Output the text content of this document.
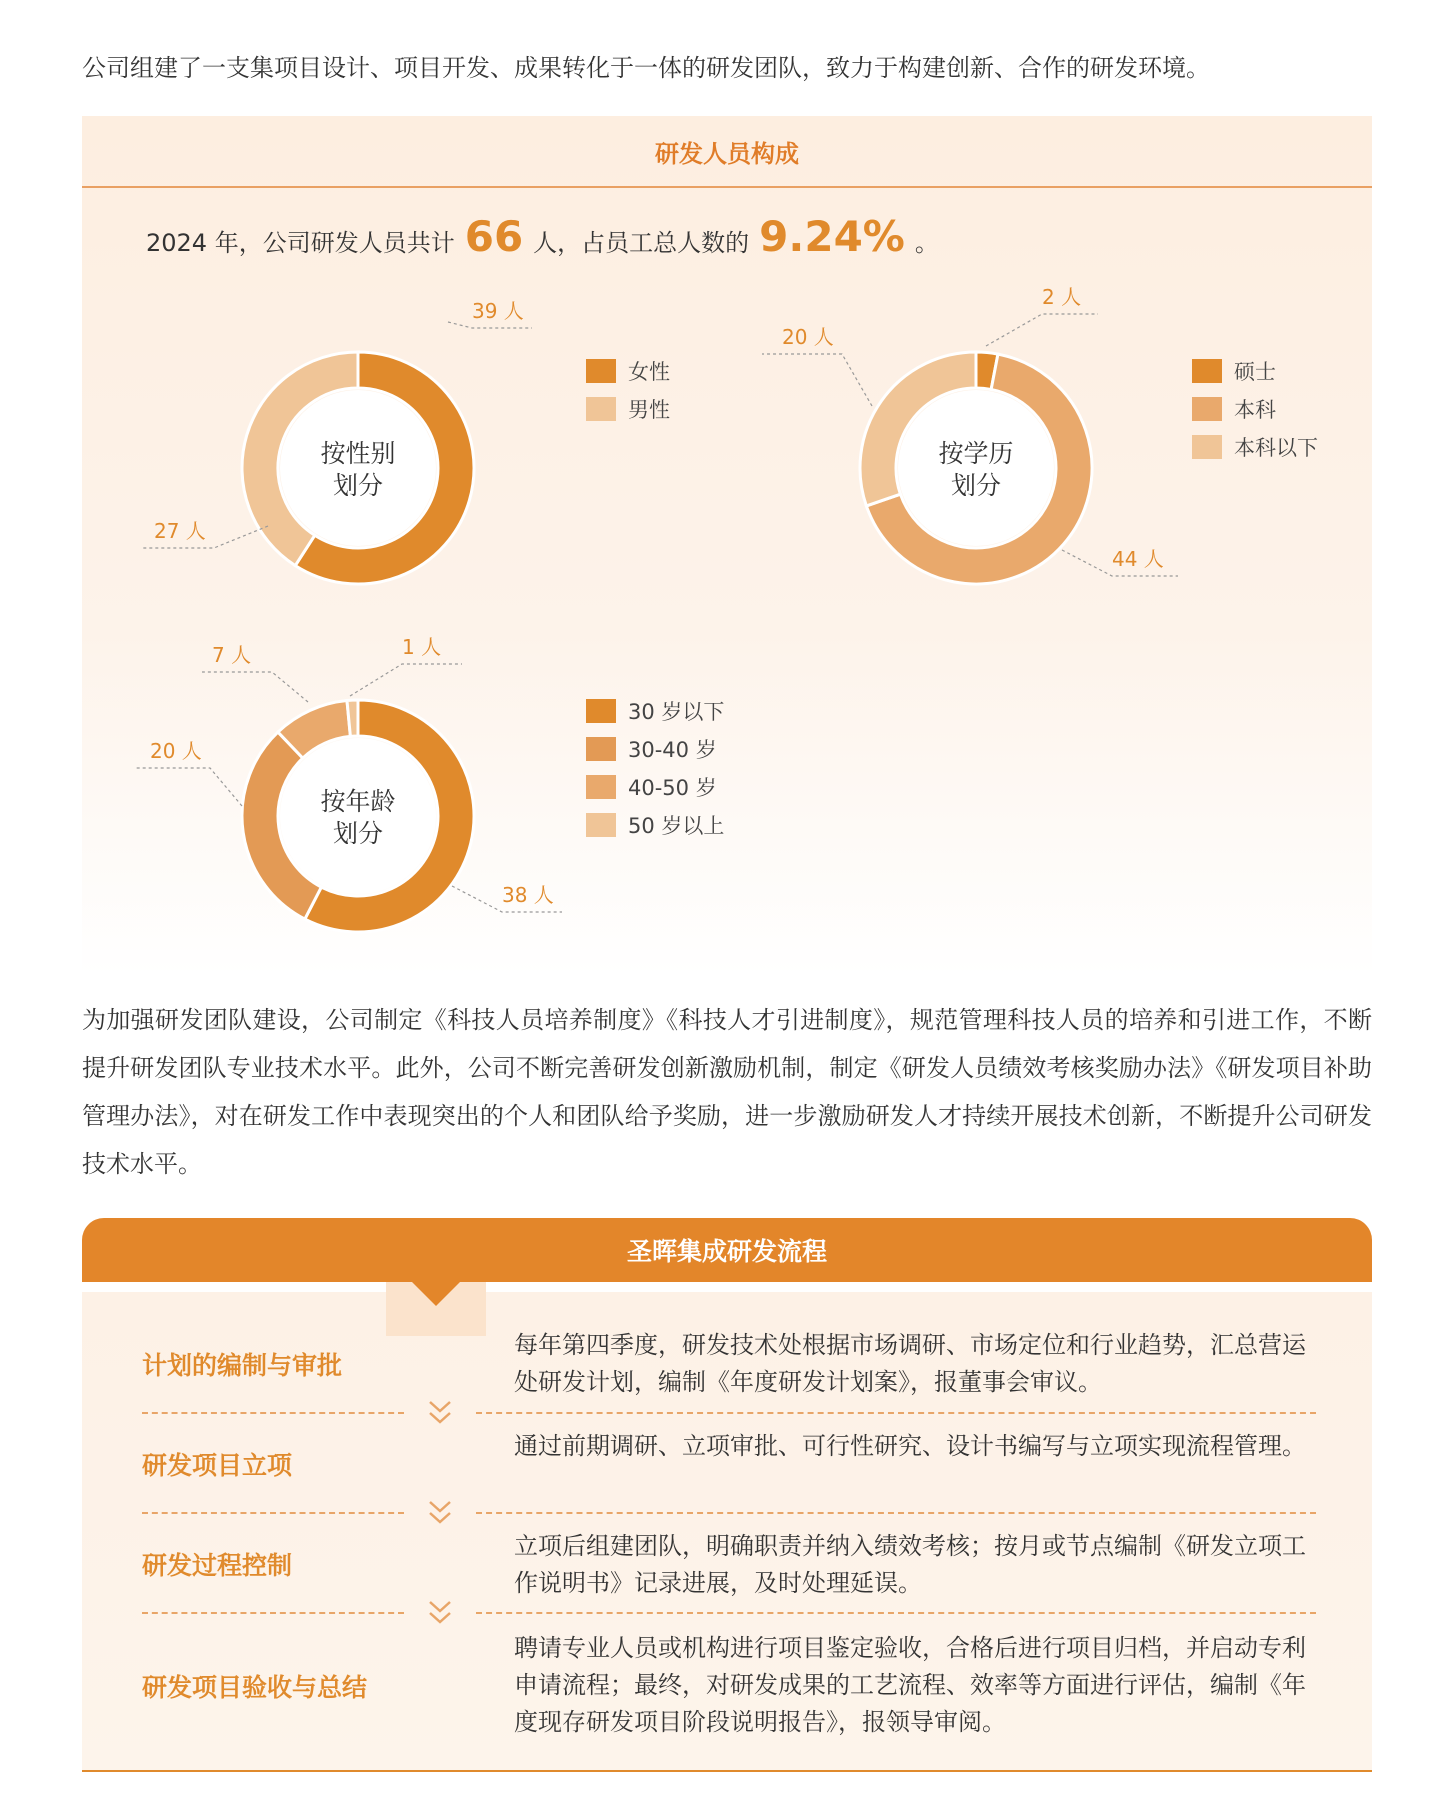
公司组建了一支集项目设计、项目开发、成果转化于一体的研发团队，致力于构建创新、合作的研发环境。
研发人员构成
2024 年，公司研发人员共计 66 人，占员工总人数的 9.24% 。
按性别
划分
39 人
27 人
按学历
划分
2 人
44 人
20 人
按年龄
划分
38 人
20 人
7 人	1 人
女性
男性
硕士
本科
本科以下
30 岁以下
30-40 岁
40-50 岁
50 岁以上
为加强研发团队建设，公司制定《科技人员培养制度》《科技人才引进制度》，规范管理科技人员的培养和引进工作，不断提升研发团队专业技术水平。此外，公司不断完善研发创新激励机制，制定《研发人员绩效考核奖励办法》《研发项目补助管理办法》，对在研发工作中表现突出的个人和团队给予奖励，进一步激励研发人才持续开展技术创新，不断提升公司研发技术水平。
圣晖集成研发流程
计划的编制与审批
每年第四季度，研发技术处根据市场调研、市场定位和行业趋势，汇总营运处研发计划，编制《年度研发计划案》，报董事会审议。
研发项目立项
通过前期调研、立项审批、可行性研究、设计书编写与立项实现流程管理。
研发过程控制
立项后组建团队，明确职责并纳入绩效考核；按月或节点编制《研发立项工作说明书》记录进展，及时处理延误。
研发项目验收与总结
聘请专业人员或机构进行项目鉴定验收，合格后进行项目归档，并启动专利申请流程；最终，对研发成果的工艺流程、效率等方面进行评估，编制《年度现存研发项目阶段说明报告》，报领导审阅。
